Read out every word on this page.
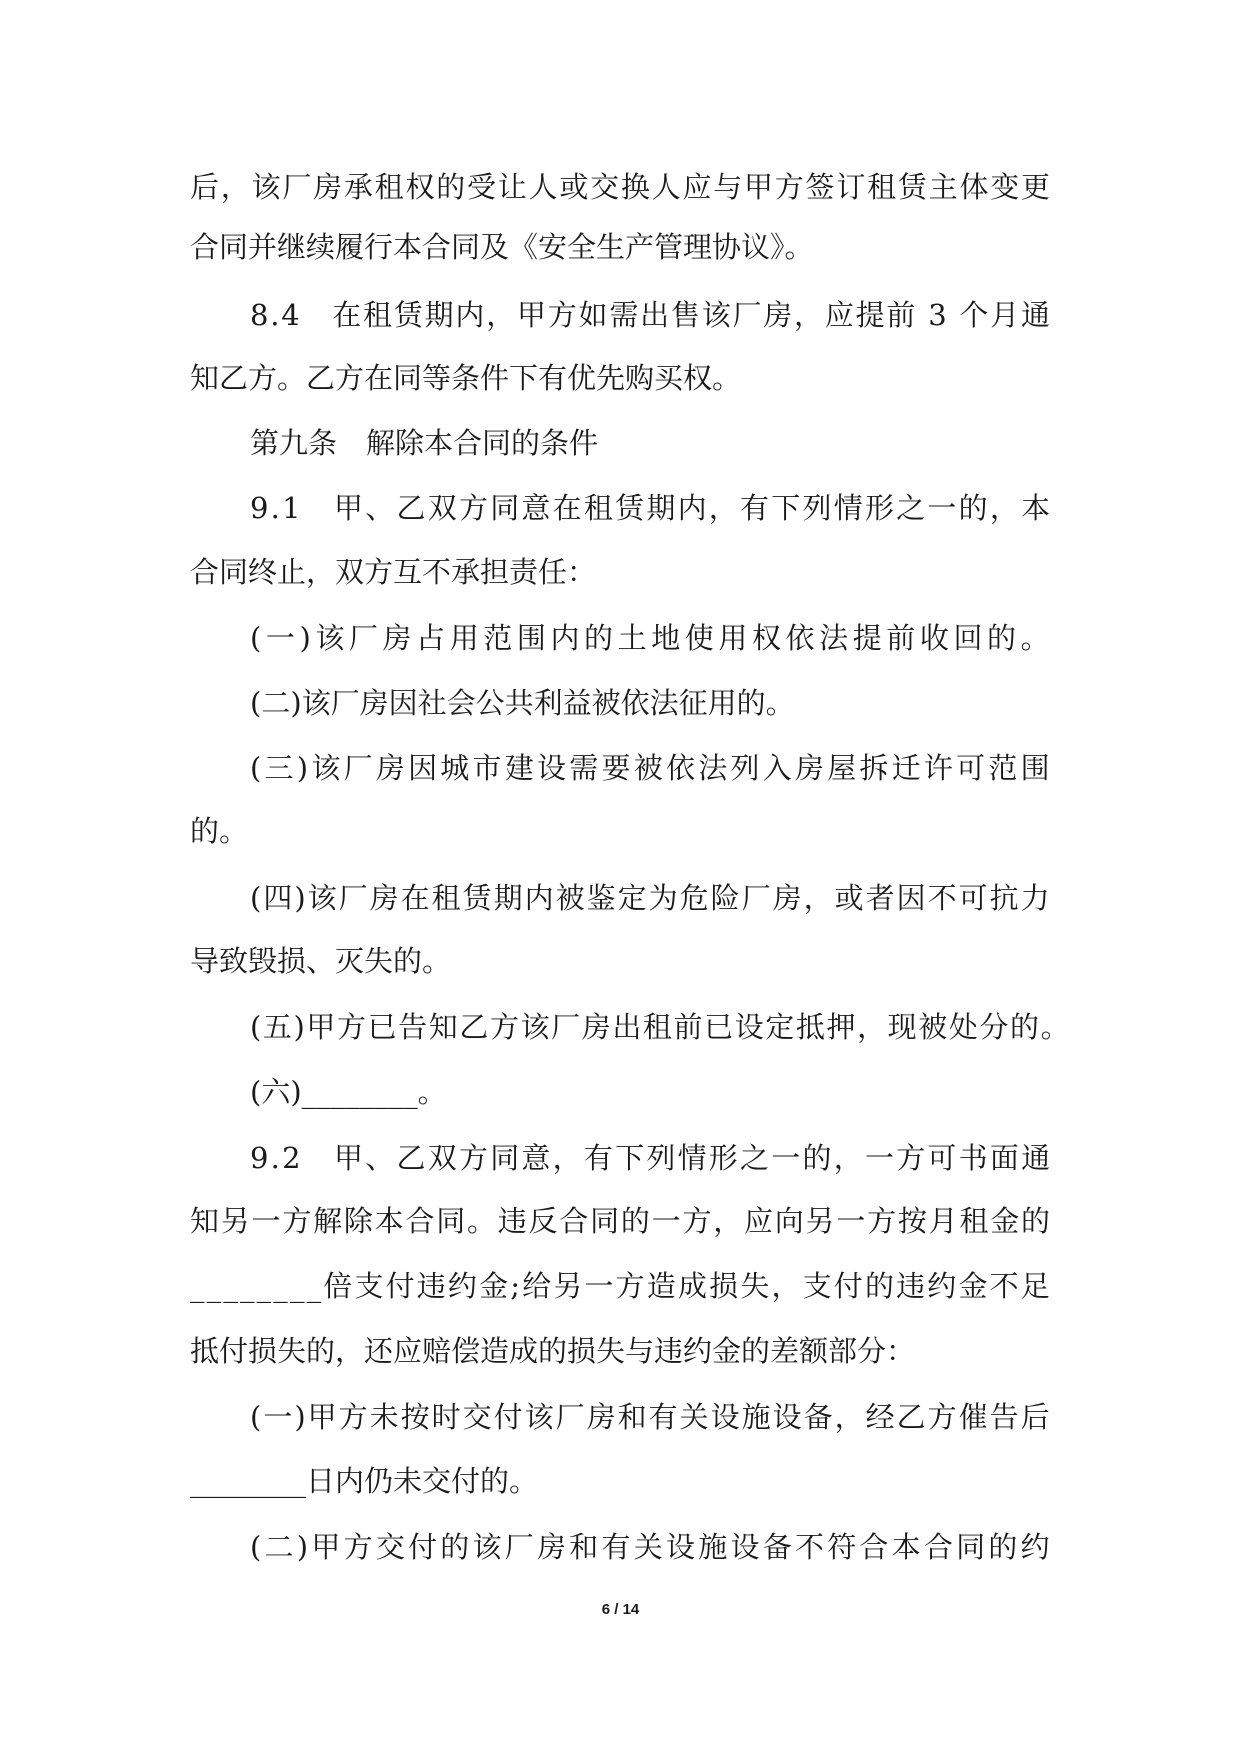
后，该厂房承租权的受让人或交换人应与甲方签订租赁主体变更
合同并继续履行本合同及《安全生产管理协议》。
8.4　在租赁期内，甲方如需出售该厂房，应提前 3 个月通
知乙方。乙方在同等条件下有优先购买权。
第九条　解除本合同的条件
9.1　甲、乙双方同意在租赁期内，有下列情形之一的，本
合同终止，双方互不承担责任：
(一)该厂房占用范围内的土地使用权依法提前收回的。
(二)该厂房因社会公共利益被依法征用的。
(三)该厂房因城市建设需要被依法列入房屋拆迁许可范围
的。
(四)该厂房在租赁期内被鉴定为危险厂房，或者因不可抗力
导致毁损、灭失的。
(五)甲方已告知乙方该厂房出租前已设定抵押，现被处分的。
(六)________。
9.2　甲、乙双方同意，有下列情形之一的，一方可书面通
知另一方解除本合同。违反合同的一方，应向另一方按月租金的
________倍支付违约金;给另一方造成损失，支付的违约金不足
抵付损失的，还应赔偿造成的损失与违约金的差额部分：
(一)甲方未按时交付该厂房和有关设施设备，经乙方催告后
________日内仍未交付的。
(二)甲方交付的该厂房和有关设施设备不符合本合同的约
6 / 14
